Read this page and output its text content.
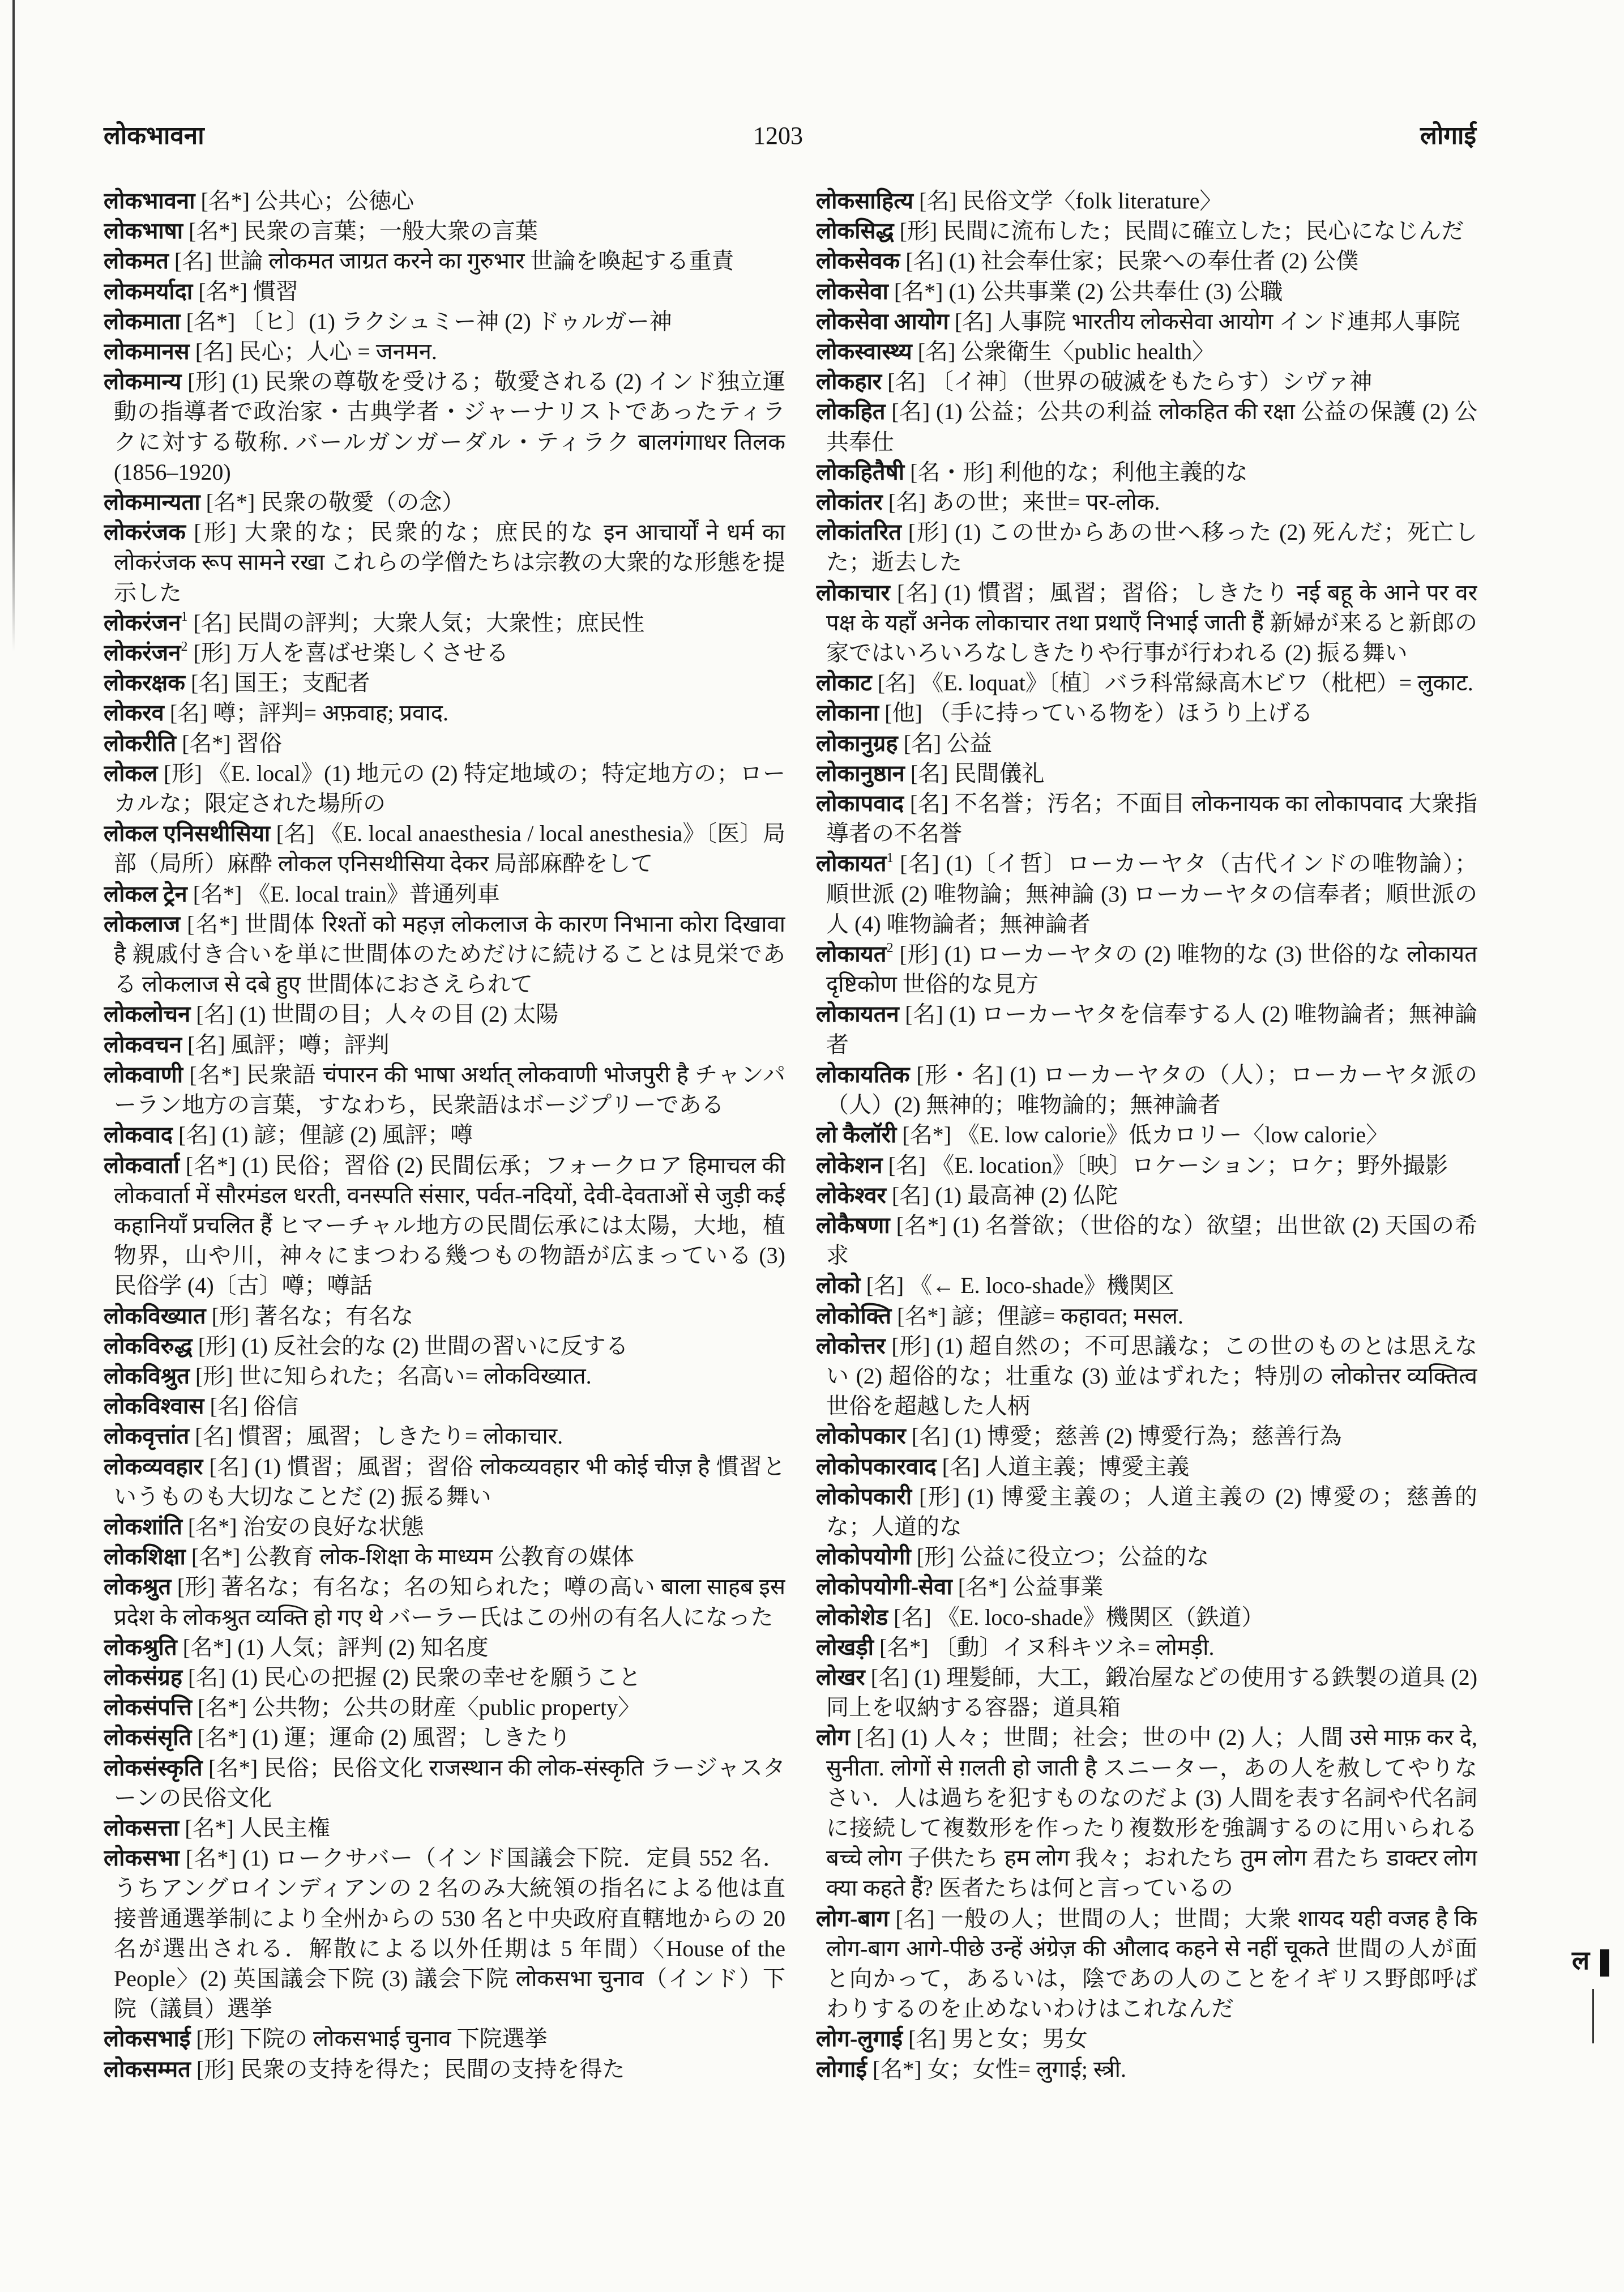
लोकभावना	1203	लोगाई
लोकभावना [名*] 公共心；公徳心
लोकभाषा [名*] 民衆の言葉；一般大衆の言葉
लोकमत [名] 世論 लोकमत जाग्रत करने का गुरुभार 世論を喚起する重責
लोकमर्यादा [名*] 慣習
लोकमाता [名*] 〔ヒ〕(1) ラクシュミー神 (2) ドゥルガー神
लोकमानस [名] 民心；人心 = जनमन.
लोकमान्य [形] (1) 民衆の尊敬を受ける；敬愛される (2) インド独立運動の指導者で政治家・古典学者・ジャーナリストであったティラクに対する敬称. バールガンガーダル・ティラク बालगंगाधर तिलक (1856–1920)
लोकमान्यता [名*] 民衆の敬愛（の念）
लोकरंजक [形] 大衆的な；民衆的な；庶民的な इन आचार्यों ने धर्म का लोकरंजक रूप सामने रखा これらの学僧たちは宗教の大衆的な形態を提示した
लोकरंजन$^1$ [名] 民間の評判；大衆人気；大衆性；庶民性
लोकरंजन$^2$ [形] 万人を喜ばせ楽しくさせる
लोकरक्षक [名] 国王；支配者
लोकरव [名] 噂；評判= अफ़वाह; प्रवाद.
लोकरीति [名*] 習俗
लोकल [形] 《E. local》(1) 地元の (2) 特定地域の；特定地方の；ローカルな；限定された場所の
लोकल एनिसथीसिया [名] 《E. local anaesthesia / local anesthesia》〔医〕局部（局所）麻酔 लोकल एनिसथीसिया देकर 局部麻酔をして
लोकल ट्रेन [名*] 《E. local train》普通列車
लोकलाज [名*] 世間体 रिश्तों को महज़ लोकलाज के कारण निभाना कोरा दिखावा है 親戚付き合いを単に世間体のためだけに続けることは見栄である लोकलाज से दबे हुए 世間体におさえられて
लोकलोचन [名] (1) 世間の目；人々の目 (2) 太陽
लोकवचन [名] 風評；噂；評判
लोकवाणी [名*] 民衆語 चंपारन की भाषा अर्थात् लोकवाणी भोजपुरी है チャンパーラン地方の言葉，すなわち，民衆語はボージプリーである
लोकवाद [名] (1) 諺；俚諺 (2) 風評；噂
लोकवार्ता [名*] (1) 民俗；習俗 (2) 民間伝承；フォークロア हिमाचल की लोकवार्ता में सौरमंडल धरती, वनस्पति संसार, पर्वत-नदियों, देवी-देवताओं से जुड़ी कई कहानियाँ प्रचलित हैं ヒマーチャル地方の民間伝承には太陽，大地，植物界，山や川，神々にまつわる幾つもの物語が広まっている (3) 民俗学 (4)〔古〕噂；噂話
लोकविख्यात [形] 著名な；有名な
लोकविरुद्ध [形] (1) 反社会的な (2) 世間の習いに反する
लोकविश्रुत [形] 世に知られた；名高い= लोकविख्यात.
लोकविश्वास [名] 俗信
लोकवृत्तांत [名] 慣習；風習；しきたり= लोकाचार.
लोकव्यवहार [名] (1) 慣習；風習；習俗 लोकव्यवहार भी कोई चीज़ है 慣習というものも大切なことだ (2) 振る舞い
लोकशांति [名*] 治安の良好な状態
लोकशिक्षा [名*] 公教育 लोक-शिक्षा के माध्यम 公教育の媒体
लोकश्रुत [形] 著名な；有名な；名の知られた；噂の高い बाला साहब इस प्रदेश के लोकश्रुत व्यक्ति हो गए थे バーラー氏はこの州の有名人になった
लोकश्रुति [名*] (1) 人気；評判 (2) 知名度
लोकसंग्रह [名] (1) 民心の把握 (2) 民衆の幸せを願うこと
लोकसंपत्ति [名*] 公共物；公共の財産〈public property〉
लोकसंसृति [名*] (1) 運；運命 (2) 風習；しきたり
लोकसंस्कृति [名*] 民俗；民俗文化 राजस्थान की लोक-संस्कृति ラージャスターンの民俗文化
लोकसत्ता [名*] 人民主権
लोकसभा [名*] (1) ロークサバー（インド国議会下院．定員 552 名．うちアングロインディアンの 2 名のみ大統領の指名による他は直接普通選挙制により全州からの 530 名と中央政府直轄地からの 20 名が選出される．解散による以外任期は 5 年間）〈House of the People〉(2) 英国議会下院 (3) 議会下院 लोकसभा चुनाव（インド）下院（議員）選挙
लोकसभाई [形] 下院の लोकसभाई चुनाव 下院選挙
लोकसम्मत [形] 民衆の支持を得た；民間の支持を得た
लोकसाहित्य [名] 民俗文学〈folk literature〉
लोकसिद्ध [形] 民間に流布した；民間に確立した；民心になじんだ
लोकसेवक [名] (1) 社会奉仕家；民衆への奉仕者 (2) 公僕
लोकसेवा [名*] (1) 公共事業 (2) 公共奉仕 (3) 公職
लोकसेवा आयोग [名] 人事院 भारतीय लोकसेवा आयोग インド連邦人事院
लोकस्वास्थ्य [名] 公衆衛生〈public health〉
लोकहार [名] 〔イ神〕（世界の破滅をもたらす）シヴァ神
लोकहित [名] (1) 公益；公共の利益 लोकहित की रक्षा 公益の保護 (2) 公共奉仕
लोकहितैषी [名・形] 利他的な；利他主義的な
लोकांतर [名] あの世；来世= पर-लोक.
लोकांतरित [形] (1) この世からあの世へ移った (2) 死んだ；死亡した；逝去した
लोकाचार [名] (1) 慣習；風習；習俗；しきたり नई बहू के आने पर वर पक्ष के यहाँ अनेक लोकाचार तथा प्रथाएँ निभाई जाती हैं 新婦が来ると新郎の家ではいろいろなしきたりや行事が行われる (2) 振る舞い
लोकाट [名] 《E. loquat》〔植〕バラ科常緑高木ビワ（枇杷）= लुकाट.
लोकाना [他] （手に持っている物を）ほうり上げる
लोकानुग्रह [名] 公益
लोकानुष्ठान [名] 民間儀礼
लोकापवाद [名] 不名誉；汚名；不面目 लोकनायक का लोकापवाद 大衆指導者の不名誉
लोकायत$^1$ [名] (1)〔イ哲〕ローカーヤタ（古代インドの唯物論）；順世派 (2) 唯物論；無神論 (3) ローカーヤタの信奉者；順世派の人 (4) 唯物論者；無神論者
लोकायत$^2$ [形] (1) ローカーヤタの (2) 唯物的な (3) 世俗的な लोकायत दृष्टिकोण 世俗的な見方
लोकायतन [名] (1) ローカーヤタを信奉する人 (2) 唯物論者；無神論者
लोकायतिक [形・名] (1) ローカーヤタの（人）；ローカーヤタ派の（人）(2) 無神的；唯物論的；無神論者
लो कैलॉरी [名*] 《E. low calorie》低カロリー〈low calorie〉
लोकेशन [名] 《E. location》〔映〕ロケーション；ロケ；野外撮影
लोकेश्वर [名] (1) 最高神 (2) 仏陀
लोकैषणा [名*] (1) 名誉欲；（世俗的な）欲望；出世欲 (2) 天国の希求
लोको [名] 《← E. loco-shade》機関区
लोकोक्ति [名*] 諺；俚諺= कहावत; मसल.
लोकोत्तर [形] (1) 超自然の；不可思議な；この世のものとは思えない (2) 超俗的な；壮重な (3) 並はずれた；特別の लोकोत्तर व्यक्तित्व 世俗を超越した人柄
लोकोपकार [名] (1) 博愛；慈善 (2) 博愛行為；慈善行為
लोकोपकारवाद [名] 人道主義；博愛主義
लोकोपकारी [形] (1) 博愛主義の；人道主義の (2) 博愛の；慈善的な；人道的な
लोकोपयोगी [形] 公益に役立つ；公益的な
लोकोपयोगी-सेवा [名*] 公益事業
लोकोशेड [名] 《E. loco-shade》機関区（鉄道）
लोखड़ी [名*] 〔動〕イヌ科キツネ= लोमड़ी.
लोखर [名] (1) 理髪師，大工，鍛冶屋などの使用する鉄製の道具 (2) 同上を収納する容器；道具箱
लोग [名] (1) 人々；世間；社会；世の中 (2) 人；人間 उसे माफ़ कर दे, सुनीता. लोगों से ग़लती हो जाती है スニーター，あの人を赦してやりなさい．人は過ちを犯すものなのだよ (3) 人間を表す名詞や代名詞に接続して複数形を作ったり複数形を強調するのに用いられる बच्चे लोग 子供たち हम लोग 我々；おれたち तुम लोग 君たち डाक्टर लोग क्या कहते हैं? 医者たちは何と言っているの
लोग-बाग [名] 一般の人；世間の人；世間；大衆 शायद यही वजह है कि लोग-बाग आगे-पीछे उन्हें अंग्रेज़ की औलाद कहने से नहीं चूकते 世間の人が面と向かって，あるいは，陰であの人のことをイギリス野郎呼ばわりするのを止めないわけはこれなんだ
लोग-लुगाई [名] 男と女；男女
लोगाई [名*] 女；女性= लुगाई; स्त्री.
ल
